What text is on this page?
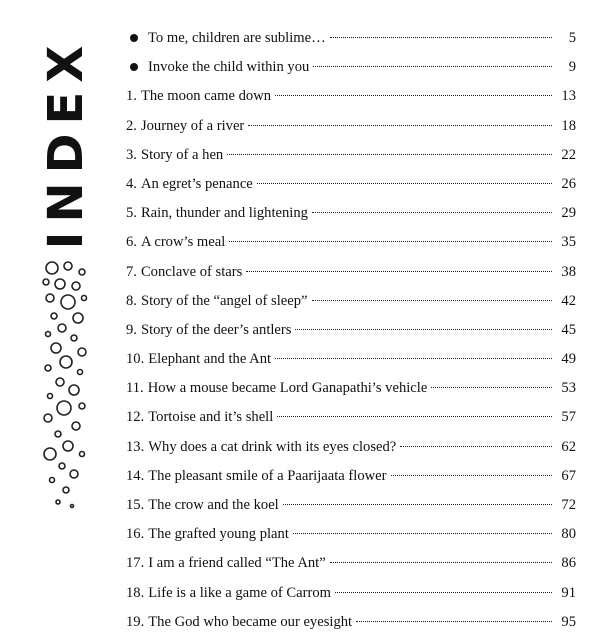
INDEX	To me, children are sublime…	5
Invoke the child within you	9
1. The moon came down	13
2. Journey of a river	18
3. Story of a hen	22
4. An egret’s penance	26
5. Rain, thunder and lightening	29
6. A crow’s meal	35
7. Conclave of stars	38
8. Story of the “angel of sleep”	42
9. Story of the deer’s antlers	45
10. Elephant and the Ant	49
11. How a mouse became Lord Ganapathi’s vehicle	53
12. Tortoise and it’s shell	57
13. Why does a cat drink with its eyes closed?	62
14. The pleasant smile of a Paarijaata flower	67
15. The crow and the koel	72
16. The grafted young plant	80
17. I am a friend called “The Ant”	86
18. Life is a like a game of Carrom	91
19. The God who became our eyesight	95
